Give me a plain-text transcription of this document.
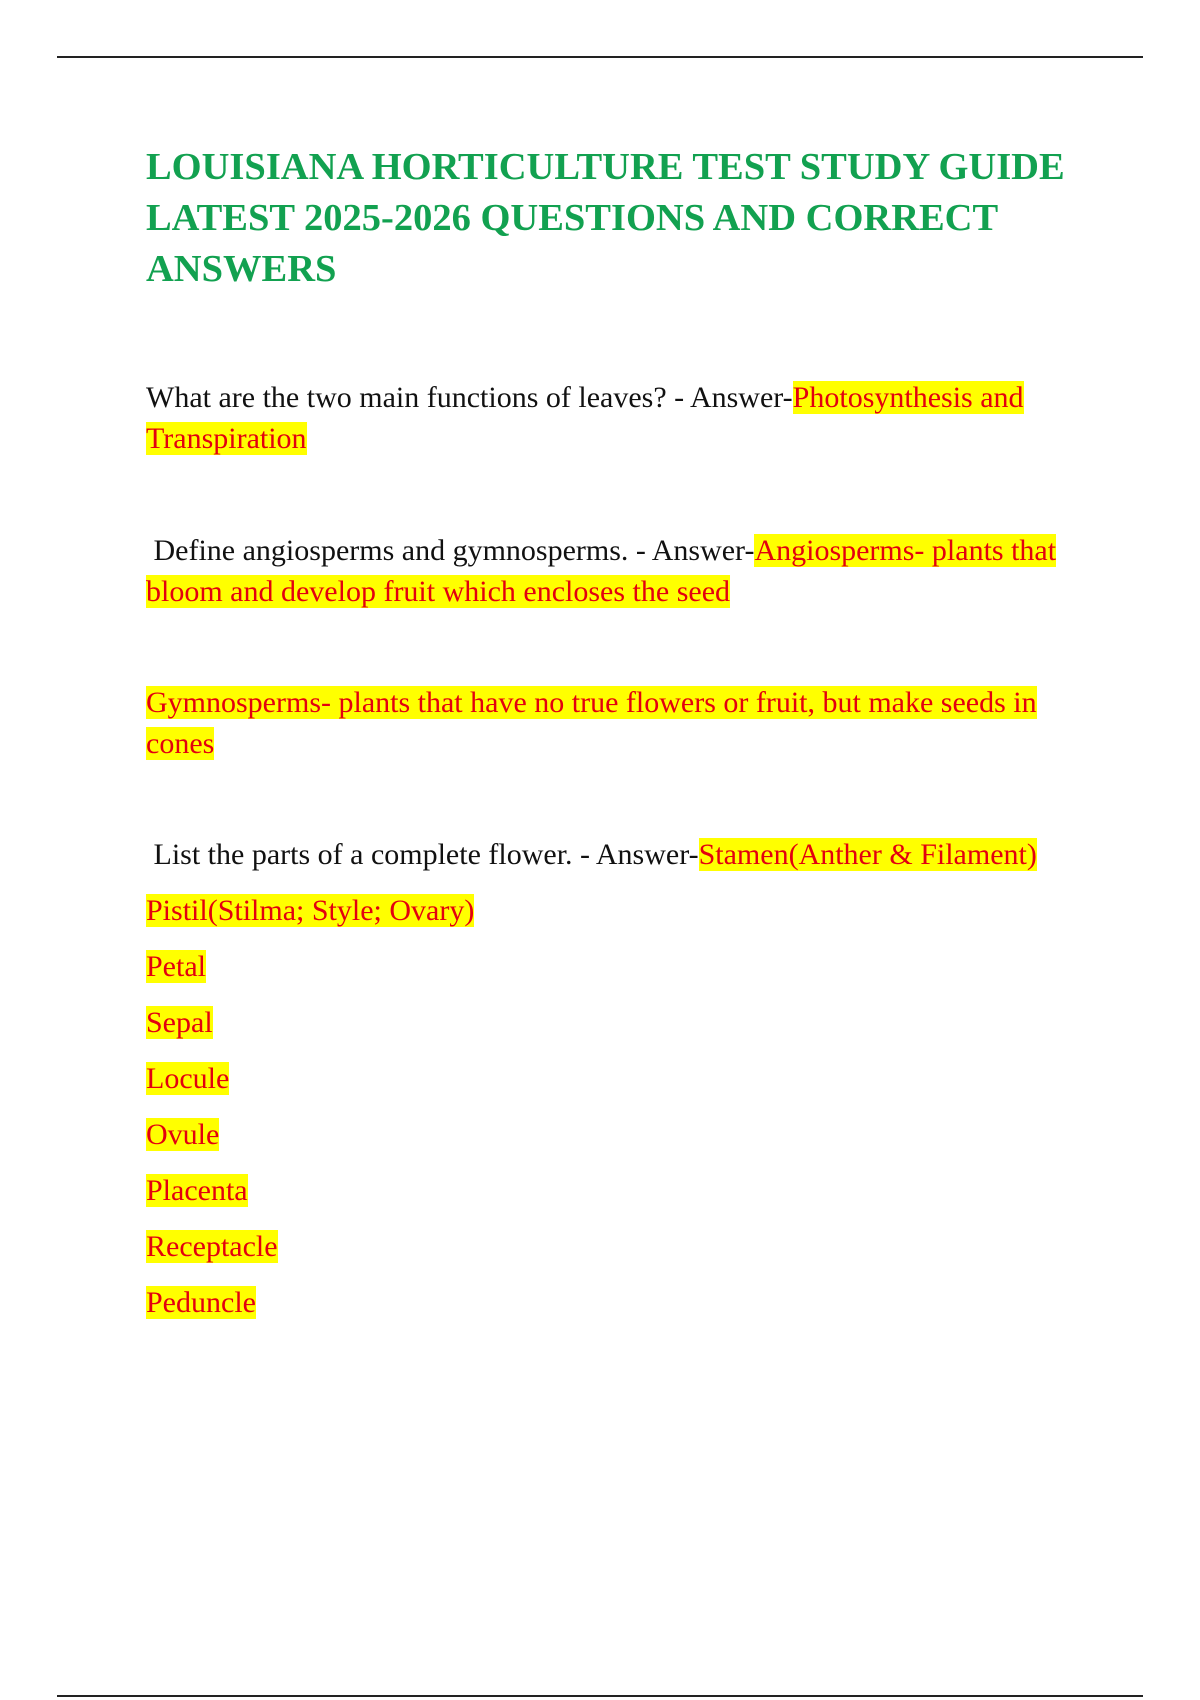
LOUISIANA HORTICULTURE TEST STUDY GUIDE LATEST 2025-2026 QUESTIONS AND CORRECT ANSWERS

What are the two main functions of leaves? - Answer-Photosynthesis and Transpiration

Define angiosperms and gymnosperms. - Answer-Angiosperms- plants that bloom and develop fruit which encloses the seed

Gymnosperms- plants that have no true flowers or fruit, but make seeds in cones

List the parts of a complete flower. - Answer-Stamen(Anther & Filament)

Pistil(Stilma; Style; Ovary)
Petal
Sepal
Locule
Ovule
Placenta
Receptacle
Peduncle
